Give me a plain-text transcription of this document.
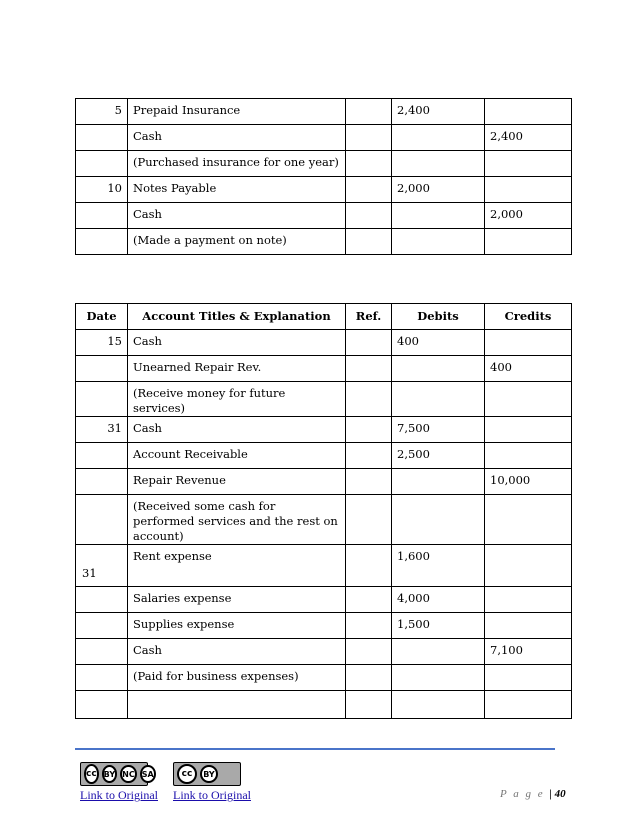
5	Prepaid Insurance		2,400	
	Cash			2,400
	(Purchased insurance for one year)			
10	Notes Payable		2,000	
	Cash			2,000
	(Made a payment on note)			
Date	Account Titles & Explanation	Ref.	Debits	Credits
15	Cash		400	
	Unearned Repair Rev.			400
	(Receive money for future services)			
31	Cash		7,500	
	Account Receivable		2,500	
	Repair Revenue			10,000
	(Received some cash for performed services and the rest on account)			
31	Rent expense		1,600	
	Salaries expense		4,000	
	Supplies expense		1,500	
	Cash			7,100
	(Paid for business expenses)			

cc BY NC SA	cc	BY
Link to Original Link to Original	P a g e | 40
